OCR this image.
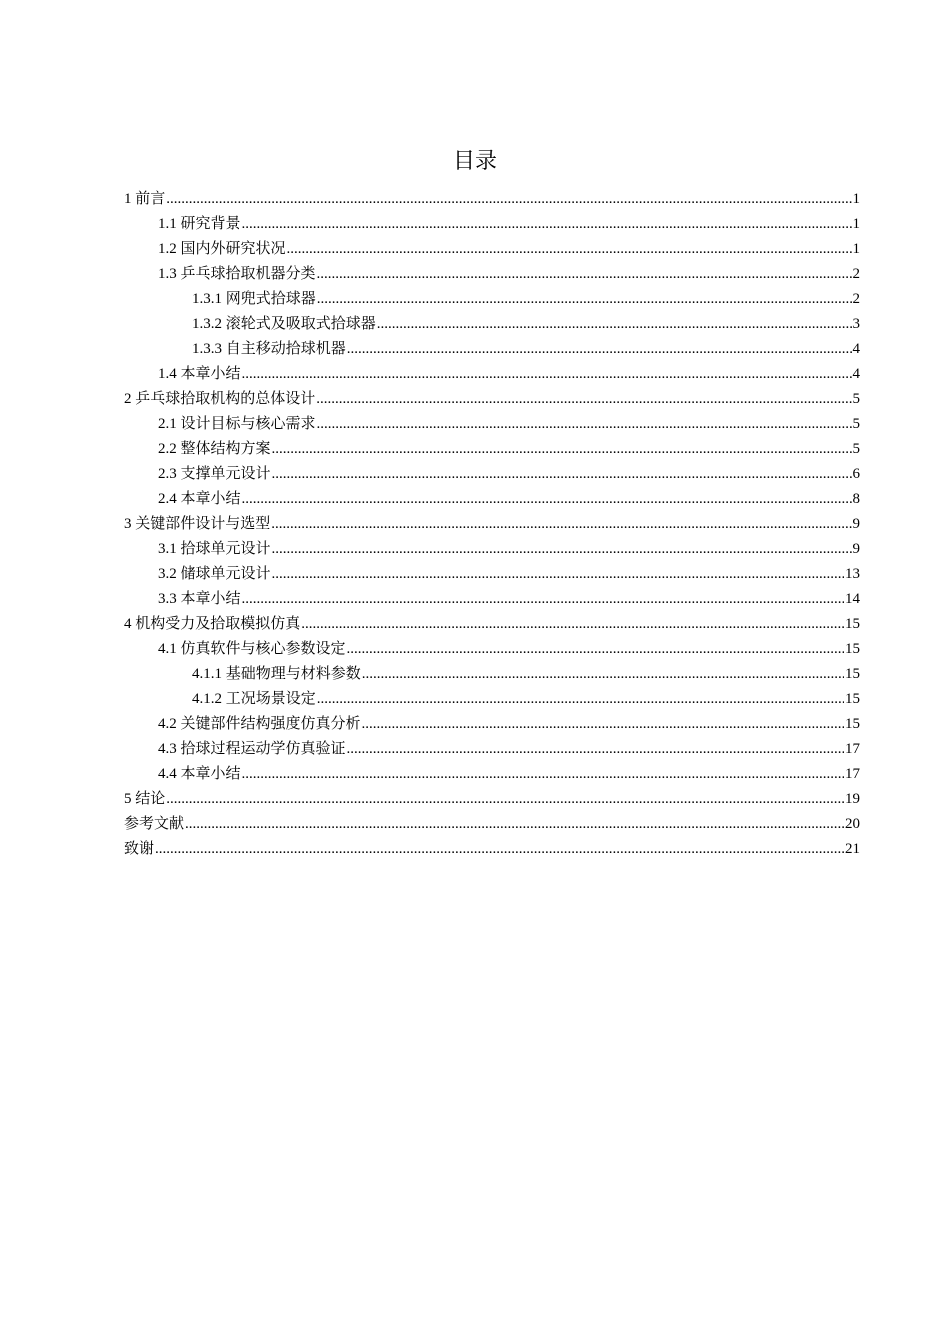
目录
1 前言 .....	1
1.1 研究背景 .....	1
1.2 国内外研究状况 .....	1
1.3 乒乓球拾取机器分类 .....	2
1.3.1 网兜式拾球器 .....	2
1.3.2 滚轮式及吸取式拾球器 .....	3
1.3.3 自主移动拾球机器 .....	4
1.4 本章小结 .....	4
2 乒乓球拾取机构的总体设计 .....	5
2.1 设计目标与核心需求 .....	5
2.2 整体结构方案 .....	5
2.3 支撑单元设计 .....	6
2.4 本章小结 .....	8
3 关键部件设计与选型 .....	9
3.1 拾球单元设计 .....	9
3.2 储球单元设计 .....	13
3.3 本章小结 .....	14
4 机构受力及拾取模拟仿真 .....	15
4.1 仿真软件与核心参数设定 .....	15
4.1.1 基础物理与材料参数 .....	15
4.1.2 工况场景设定 .....	15
4.2 关键部件结构强度仿真分析 .....	15
4.3 拾球过程运动学仿真验证 .....	17
4.4 本章小结 .....	17
5 结论 .....	19
参考文献 .....	20
致谢 .....	21
